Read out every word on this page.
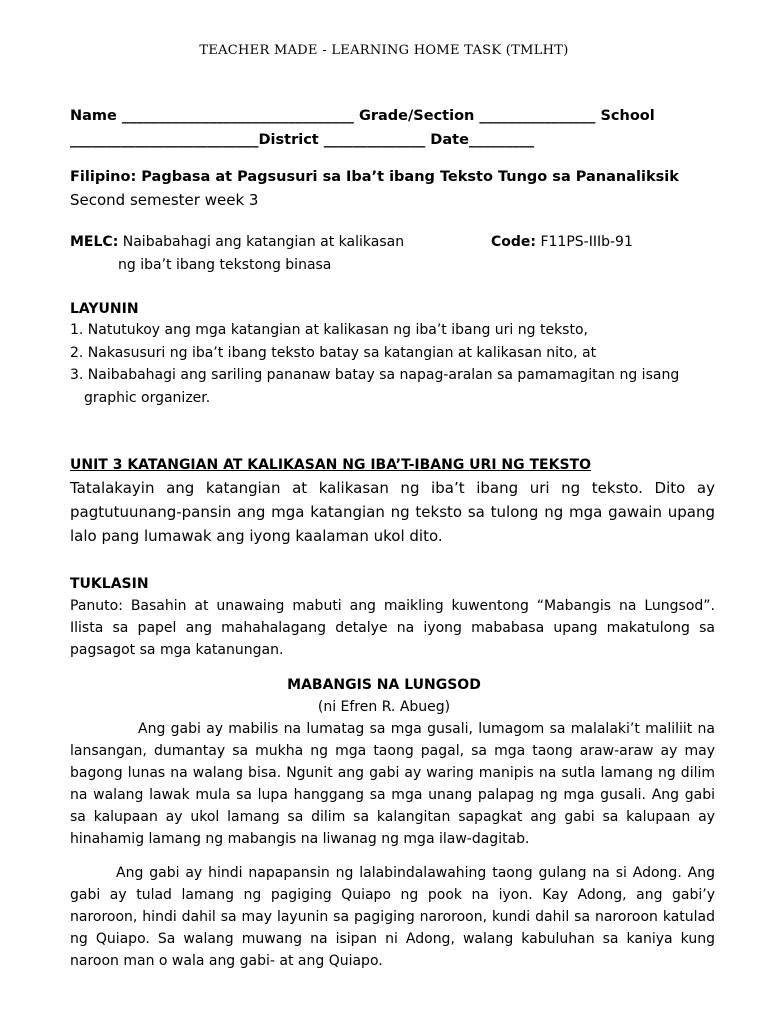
TEACHER MADE - LEARNING HOME TASK (TMLHT)
Name ________________________________ Grade/Section ________________ School
__________________________District ______________ Date_________
Filipino: Pagbasa at Pagsusuri sa Iba’t ibang Teksto Tungo sa Pananaliksik
Second semester week 3
MELC: Naibabahagi ang katangian at kalikasan	Code: F11PS-IIIb-91
ng iba’t ibang tekstong binasa
LAYUNIN
1. Natutukoy ang mga katangian at kalikasan ng iba’t ibang uri ng teksto,
2. Nakasusuri ng iba’t ibang teksto batay sa katangian at kalikasan nito, at
3. Naibabahagi ang sariling pananaw batay sa napag-aralan sa pamamagitan ng isang
graphic organizer.
UNIT 3 KATANGIAN AT KALIKASAN NG IBA’T-IBANG URI NG TEKSTO

Tatalakayin ang katangian at kalikasan ng iba’t ibang uri ng teksto. Dito ay pagtutuunang-pansin ang mga katangian ng teksto sa tulong ng mga gawain upang lalo pang lumawak ang iyong kaalaman ukol dito.

TUKLASIN

Panuto: Basahin at unawaing mabuti ang maikling kuwentong “Mabangis na Lungsod”. Ilista sa papel ang mahahalagang detalye na iyong mababasa upang makatulong sa pagsagot sa mga katanungan.

MABANGIS NA LUNGSOD
(ni Efren R. Abueg)

Ang gabi ay mabilis na lumatag sa mga gusali, lumagom sa malalaki’t maliliit na lansangan, dumantay sa mukha ng mga taong pagal, sa mga taong araw-araw ay may bagong lunas na walang bisa. Ngunit ang gabi ay waring manipis na sutla lamang ng dilim na walang lawak mula sa lupa hanggang sa mga unang palapag ng mga gusali. Ang gabi sa kalupaan ay ukol lamang sa dilim sa kalangitan sapagkat ang gabi sa kalupaan ay hinahamig lamang ng mabangis na liwanag ng mga ilaw-dagitab.

Ang gabi ay hindi napapansin ng lalabindalawahing taong gulang na si Adong. Ang gabi ay tulad lamang ng pagiging Quiapo ng pook na iyon. Kay Adong, ang gabi’y naroroon, hindi dahil sa may layunin sa pagiging naroroon, kundi dahil sa naroroon katulad ng Quiapo. Sa walang muwang na isipan ni Adong, walang kabuluhan sa kaniya kung naroon man o wala ang gabi- at ang Quiapo.
